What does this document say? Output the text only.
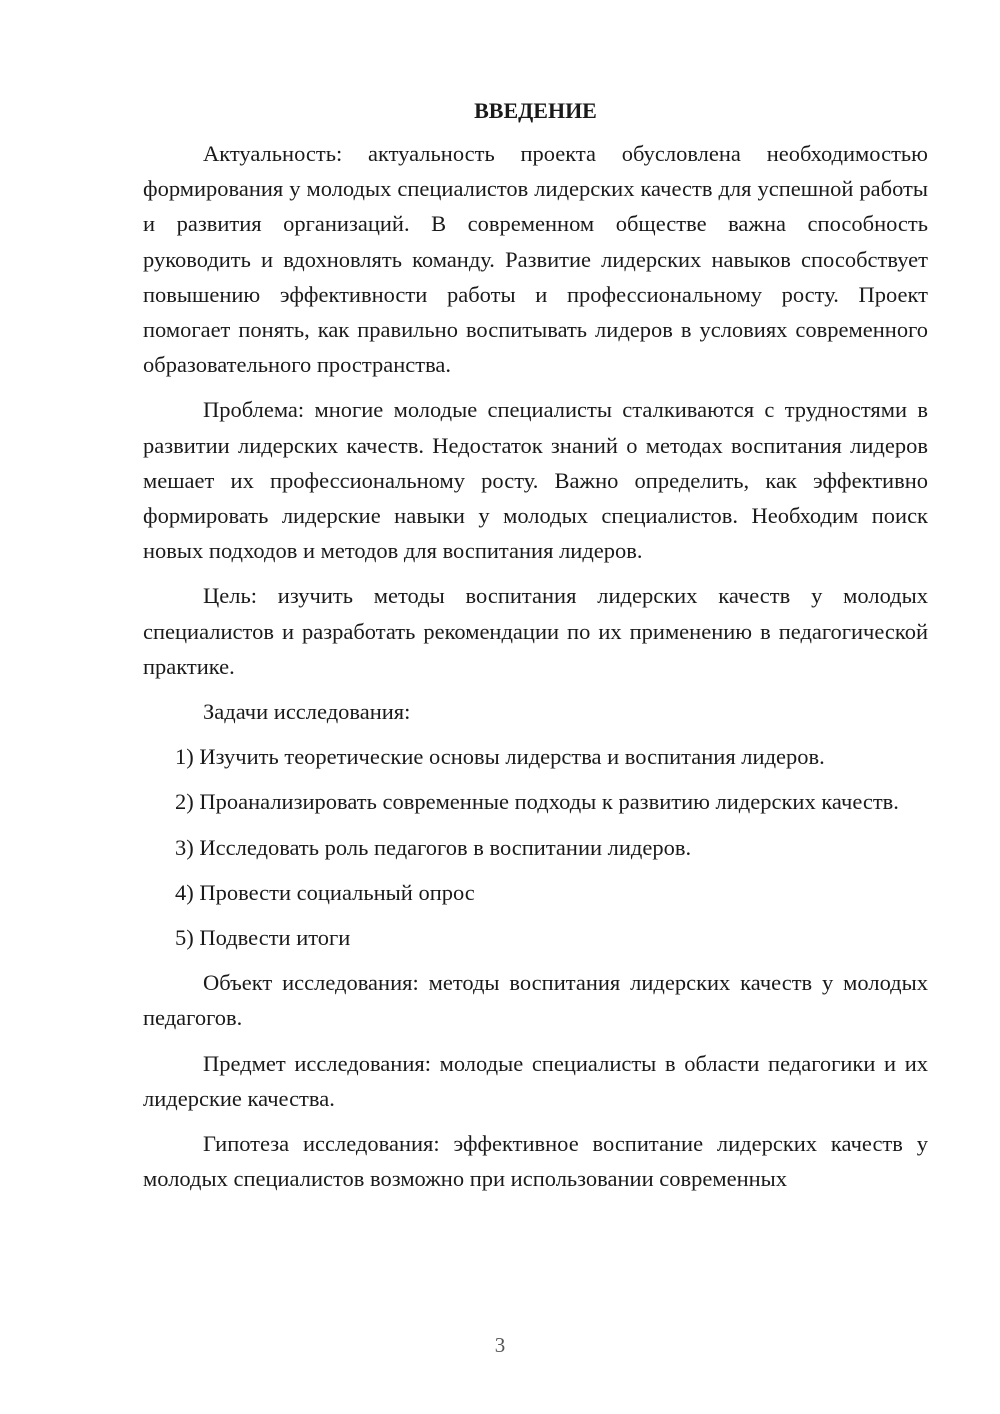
ВВЕДЕНИЕ

Актуальность: актуальность проекта обусловлена необходимостью формирования у молодых специалистов лидерских качеств для успешной работы и развития организаций. В современном обществе важна способность руководить и вдохновлять команду. Развитие лидерских навыков способствует повышению эффективности работы и профессиональному росту. Проект помогает понять, как правильно воспитывать лидеров в условиях современного образовательного пространства.

Проблема: многие молодые специалисты сталкиваются с трудностями в развитии лидерских качеств. Недостаток знаний о методах воспитания лидеров мешает их профессиональному росту. Важно определить, как эффективно формировать лидерские навыки у молодых специалистов. Необходим поиск новых подходов и методов для воспитания лидеров.

Цель: изучить методы воспитания лидерских качеств у молодых специалистов и разработать рекомендации по их применению в педагогической практике.

Задачи исследования:

1) Изучить теоретические основы лидерства и воспитания лидеров.

2) Проанализировать современные подходы к развитию лидерских качеств.

3) Исследовать роль педагогов в воспитании лидеров.

4) Провести социальный опрос

5) Подвести итоги

Объект исследования: методы воспитания лидерских качеств у молодых педагогов.

Предмет исследования: молодые специалисты в области педагогики и их лидерские качества.

Гипотеза исследования: эффективное воспитание лидерских качеств у молодых специалистов возможно при использовании современных

3
